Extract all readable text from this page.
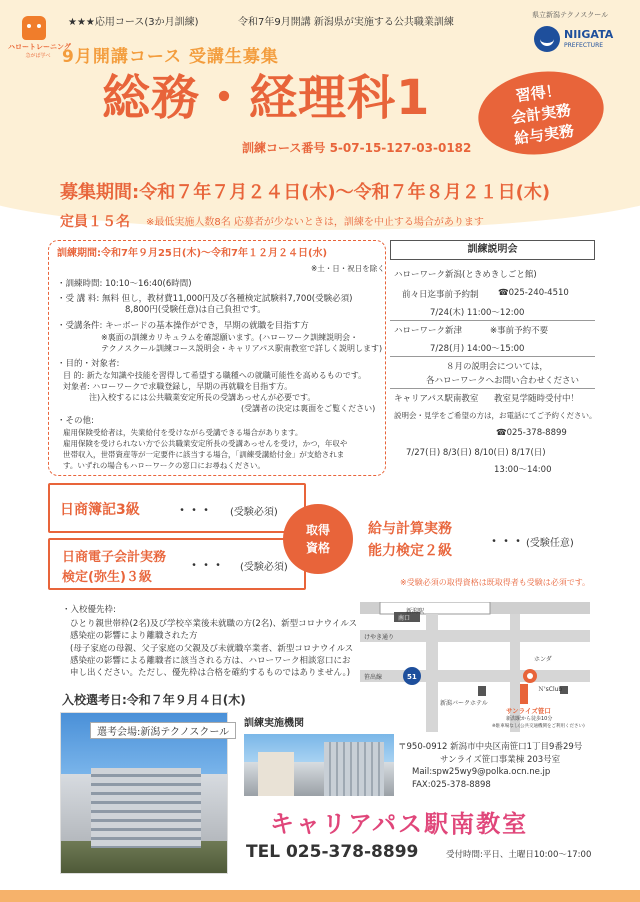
ハロートレーニング
急がば学べ
★★★応用コース(3か月訓練)	令和7年9月開講 新潟県が実施する公共職業訓練
県立新潟テクノスクール
NIIGATA
PREFECTURE
9月開講コース 受講生募集
総務・経理科1
訓練コース番号 5-07-15-127-03-0182
習得！
会計実務
給与実務
募集期間:令和７年７月２４日(木)〜令和７年８月２１日(木)
定員１５名 ※最低実施人数8名 応募者が少ないときは，訓練を中止する場合があります
訓練期間:令和7年９月25日(木)〜令和7年１２月２４日(水)
※土・日・祝日を除く
・訓練時間: 10:10〜16:40(6時間)
・受 講 料: 無料 但し，教材費11,000円及び各種検定試験料7,700(受験必須)
8,800円(受験任意)は自己負担です。
・受講条件: キーボードの基本操作ができ，早期の就職を目指す方
※裏面の訓練カリキュラムを確認願います。(ハローワーク訓練説明会・
テクノスクール訓練コース説明会・キャリアパス駅南教室で詳しく説明します)
・目的・対象者:
目 的: 新たな知識や技能を習得して希望する職種への就職可能性を高めるものです。
対象者: ハローワークで求職登録し，早期の再就職を目指す方。
注)入校するには公共職業安定所長の受講あっせんが必要です。
(受講者の決定は裏面をご覧ください)
・その他:
雇用保険受給者は，失業給付を受けながら受講できる場合があります。
雇用保険を受けられない方で公共職業安定所長の受講あっせんを受け，かつ，年収や
世帯収入，世帯資産等が一定要件に該当する場合，「訓練受講給付金」が支給されま
す。いずれの場合もハローワークの窓口にお尋ねください。
訓練説明会
ハローワーク新潟(ときめきしごと館)
前々日迄事前予約制 ☎025-240-4510
7/24(木) 11:00〜12:00
ハローワーク新津	※事前予約不要
7/28(月) 14:00〜15:00
８月の説明会については，
各ハローワークへお問い合わせください
キャリアパス駅南教室 教室見学随時受付中！
説明会・見学をご希望の方は，お電話にてご予約ください。
☎025-378-8899
7/27(日) 8/3(日) 8/10(日) 8/17(日)
13:00〜14:00
日商簿記3級	・・・ (受験必須)
日商電子会計実務
検定(弥生)３級
・・・ (受験必須)
取得
資格
給与計算実務
能力検定２級
・・・ (受験任意)
※受験必須の取得資格は既取得者も受験は必須です。
・入校優先枠:
ひとり親世帯枠(2名)及び学校卒業後未就職の方(2名)、新型コロナウイルス
感染症の影響により離職された方
(母子家庭の母親、父子家庭の父親及び未就職卒業者、新型コロナウイルス
感染症の影響による離職者に該当される方は、ハローワーク相談窓口にお
申し出ください。ただし、優先枠は合格を確約するものではありません。)
入校選考日:令和７年９月４日(木)
新潟駅
南口
けやき通り
笹出線	51
ホンダ
新潟バークホテル
Ｎ'sClub
サンライズ笹口
新潟駅から徒歩10分
※駐車場なし(公共交通機関をご利用ください)
選考会場:新潟テクノスクール
訓練実施機関
〒950-0912 新潟市中央区南笹口1丁目9番29号
サンライズ笹口事業棟 203号室
Mail:spw25wy9@polka.ocn.ne.jp
FAX:025-378-8898
キャリアパス駅南教室
TEL 025-378-8899	受付時間:平日、土曜日10:00〜17:00
